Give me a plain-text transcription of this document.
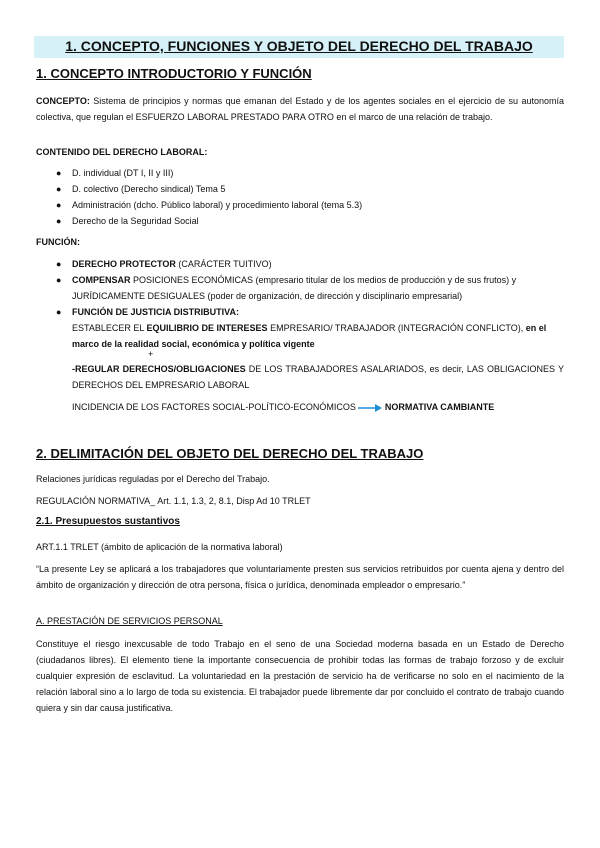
1. CONCEPTO, FUNCIONES Y OBJETO DEL DERECHO DEL TRABAJO
1. CONCEPTO INTRODUCTORIO Y FUNCIÓN
CONCEPTO: Sistema de principios y normas que emanan del Estado y de los agentes sociales en el ejercicio de su autonomía colectiva, que regulan el ESFUERZO LABORAL PRESTADO PARA OTRO en el marco de una relación de trabajo.
CONTENIDO DEL DERECHO LABORAL:
● D. individual (DT I, II y III)
● D. colectivo (Derecho sindical) Tema 5
● Administración (dcho. Público laboral) y procedimiento laboral (tema 5.3)
● Derecho de la Seguridad Social
FUNCIÓN:
● DERECHO PROTECTOR (CARÁCTER TUITIVO)
● COMPENSAR POSICIONES ECONÓMICAS (empresario titular de los medios de producción y de sus frutos) y JURÍDICAMENTE DESIGUALES (poder de organización, de dirección y disciplinario empresarial)
● FUNCIÓN DE JUSTICIA DISTRIBUTIVA:
ESTABLECER EL EQUILIBRIO DE INTERESES EMPRESARIO/ TRABAJADOR (INTEGRACIÓN CONFLICTO), en el marco de la realidad social, económica y política vigente
+
-REGULAR DERECHOS/OBLIGACIONES DE LOS TRABAJADORES ASALARIADOS, es decir, LAS OBLIGACIONES Y DERECHOS DEL EMPRESARIO LABORAL
INCIDENCIA DE LOS FACTORES SOCIAL-POLÍTICO-ECONÓMICOS	NORMATIVA CAMBIANTE
2. DELIMITACIÓN DEL OBJETO DEL DERECHO DEL TRABAJO
Relaciones jurídicas reguladas por el Derecho del Trabajo.
REGULACIÓN NORMATIVA_ Art. 1.1, 1.3, 2, 8.1, Disp Ad 10 TRLET
2.1. Presupuestos sustantivos
ART.1.1 TRLET (ámbito de aplicación de la normativa laboral)
“La presente Ley se aplicará a los trabajadores que voluntariamente presten sus servicios retribuidos por cuenta ajena y dentro del ámbito de organización y dirección de otra persona, física o jurídica, denominada empleador o empresario.”
A. PRESTACIÓN DE SERVICIOS PERSONAL
Constituye el riesgo inexcusable de todo Trabajo en el seno de una Sociedad moderna basada en un Estado de Derecho (ciudadanos libres). El elemento tiene la importante consecuencia de prohibir todas las formas de trabajo forzoso y de excluir cualquier expresión de esclavitud. La voluntariedad en la prestación de servicio ha de verificarse no solo en el nacimiento de la relación laboral sino a lo largo de toda su existencia. El trabajador puede libremente dar por concluido el contrato de trabajo cuando quiera y sin dar causa justificativa.
